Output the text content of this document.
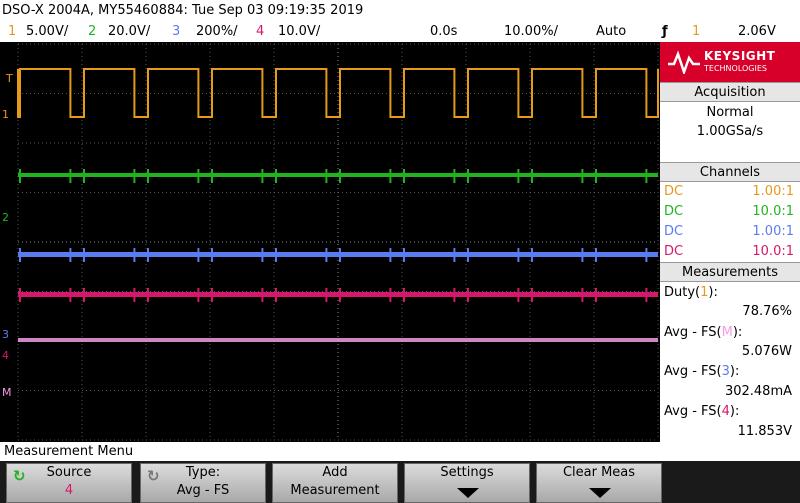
DSO-X 2004A, MY55460884: Tue Sep 03 09:19:35 2019
1 5.00V/ 2 20.0V/ 3 200%/ 4 10.0V/	0.0s	10.00%/	Auto	ƒ 1	2.06V
T
1
2
3
4
M
KEYSIGHT
TECHNOLOGIES
Acquisition
Normal
1.00GSa/s
Channels
DC	1.00:1
DC	10.0:1
DC	1.00:1
DC	10.0:1
Measurements
Duty(1):
78.76%
Avg - FS(M):
5.076W
Avg - FS(3):
302.48mA
Avg - FS(4):
11.853V
Measurement Menu
↻	Source
4
↻	Type:
Avg - FS
Add
Measurement
Settings	Clear Meas
